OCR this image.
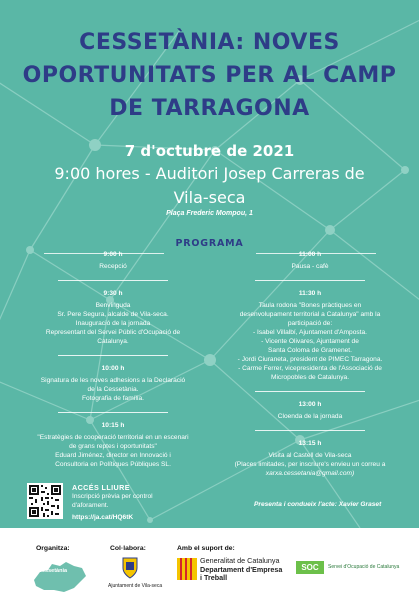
CESSETÀNIA: NOVES
OPORTUNITATS PER AL CAMP
DE TARRAGONA
7 d'octubre de 2021
9:00 hores - Auditori Josep Carreras de
Vila-seca
Plaça Frederic Mompou, 1
PROGRAMA
9:00 h
Recepció
9:30 h
Benvinguda
Sr. Pere Segura, alcalde de Vila-seca.
Inauguració de la jornada
Representant del Servei Públic d'Ocupació de
Catalunya.
10:00 h
Signatura de les noves adhesions a la Declaració
de la Cessetània.
Fotografia de família.
10:15 h
"Estratègies de cooperació territorial en un escenari
de grans reptes i oportunitats"
Eduard Jiménez, director en Innovació i
Consultoria en Polítiques Públiques SL.
11:00 h
Pausa - cafè
11:30 h
Taula rodona "Bones pràctiques en
desenvolupament territorial a Catalunya" amb la
participació de:
- Isabel Villalbí, Ajuntament d'Amposta.
- Vicente Olivares, Ajuntament de
Santa Coloma de Gramenet.
- Jordi Ciuraneta, president de PIMEC Tarragona.
- Carme Ferrer, vicepresidenta de l'Associació de
Micropobles de Catalunya.
13:00 h
Cloenda de la jornada
13:15 h
Visita al Castell de Vila-seca
(Places limitades, per inscriure's envieu un correu a
xarxa.cessetania@gmail.com)
ACCÉS LLIURE
Inscripció prèvia per control
d'aforament.
https://ja.cat/HQ6tK
Presenta i condueix l'acte: Xavier Graset
Organitza:	Col·labora:	Amb el suport de:
Cessetània
Ajuntament de Vila-seca
Generalitat de Catalunya
Departament d'Empresa
i Treball
SOC	Servei d'Ocupació de Catalunya
